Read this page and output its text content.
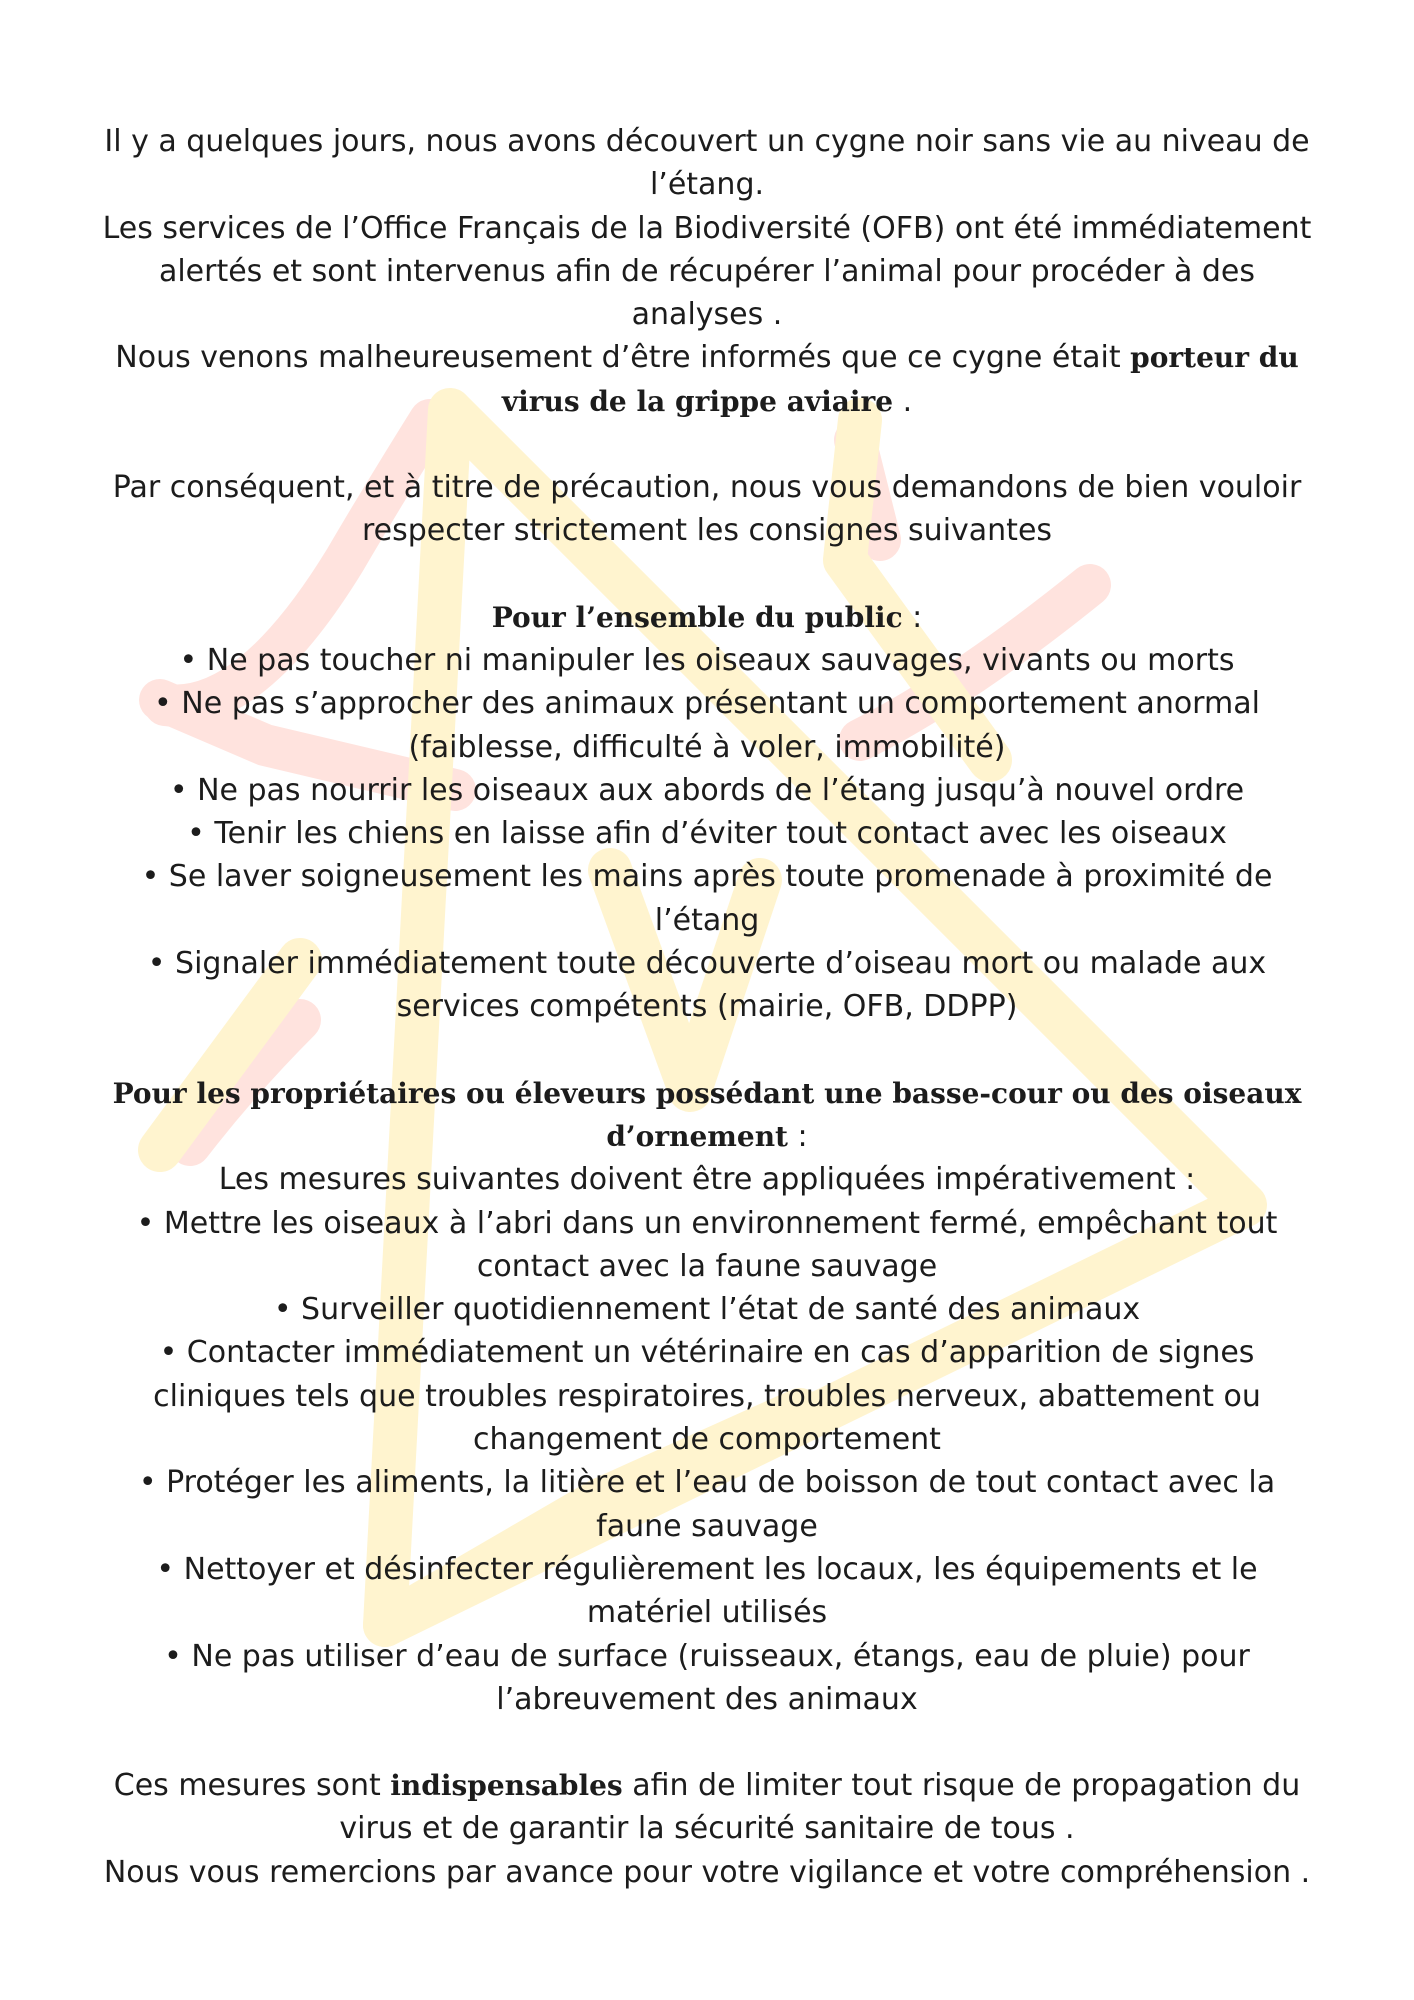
Il y a quelques jours, nous avons découvert un cygne noir sans vie au niveau de l’étang.

Les services de l’Office Français de la Biodiversité (OFB) ont été immédiatement alertés et sont intervenus afin de récupérer l’animal pour procéder à des analyses .

Nous venons malheureusement d’être informés que ce cygne était porteur du virus de la grippe aviaire .

Par conséquent, et à titre de précaution, nous vous demandons de bien vouloir respecter strictement les consignes suivantes

Pour l’ensemble du public :

• Ne pas toucher ni manipuler les oiseaux sauvages, vivants ou morts

• Ne pas s’approcher des animaux présentant un comportement anormal (faiblesse, difficulté à voler, immobilité)

• Ne pas nourrir les oiseaux aux abords de l’étang jusqu’à nouvel ordre

• Tenir les chiens en laisse afin d’éviter tout contact avec les oiseaux

• Se laver soigneusement les mains après toute promenade à proximité de l’étang

• Signaler immédiatement toute découverte d’oiseau mort ou malade aux services compétents (mairie, OFB, DDPP)

Pour les propriétaires ou éleveurs possédant une basse-cour ou des oiseaux d’ornement :

Les mesures suivantes doivent être appliquées impérativement :

• Mettre les oiseaux à l’abri dans un environnement fermé, empêchant tout contact avec la faune sauvage

• Surveiller quotidiennement l’état de santé des animaux

• Contacter immédiatement un vétérinaire en cas d’apparition de signes cliniques tels que troubles respiratoires, troubles nerveux, abattement ou changement de comportement

• Protéger les aliments, la litière et l’eau de boisson de tout contact avec la faune sauvage

• Nettoyer et désinfecter régulièrement les locaux, les équipements et le matériel utilisés

• Ne pas utiliser d’eau de surface (ruisseaux, étangs, eau de pluie) pour l’abreuvement des animaux

Ces mesures sont indispensables afin de limiter tout risque de propagation du virus et de garantir la sécurité sanitaire de tous .

Nous vous remercions par avance pour votre vigilance et votre compréhension .
